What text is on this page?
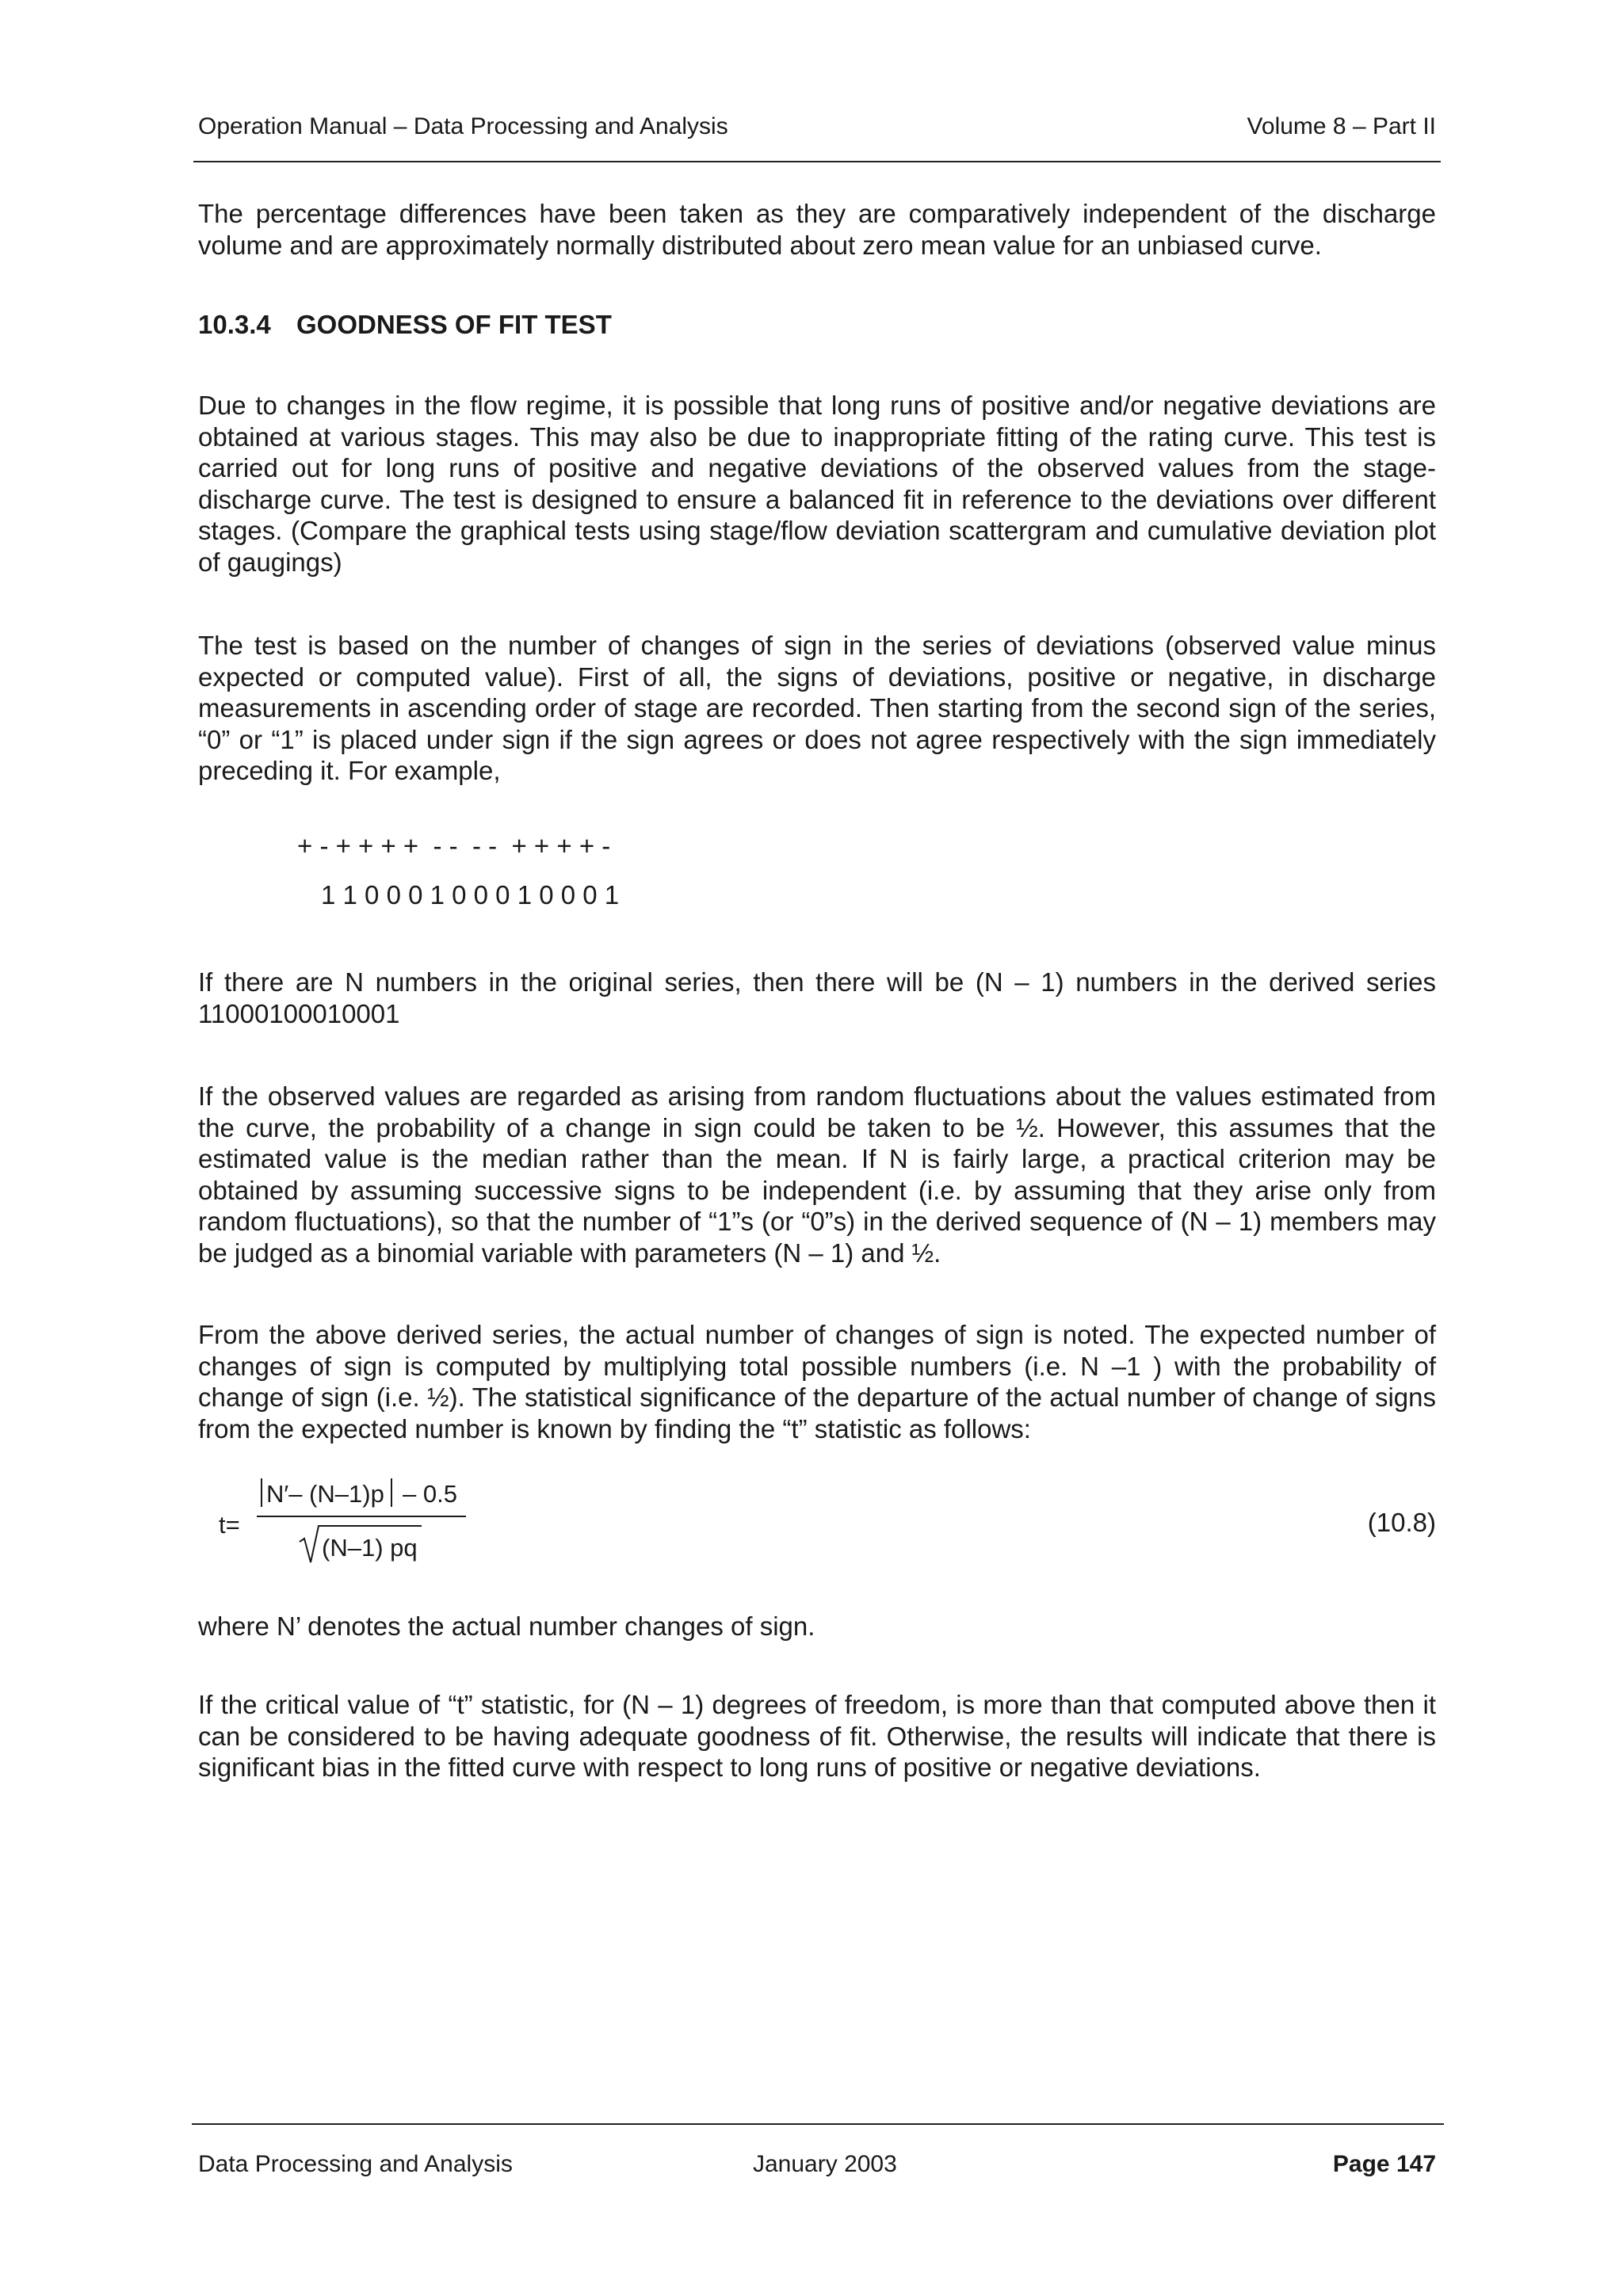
Operation Manual – Data Processing and Analysis	Volume 8 – Part II

The percentage differences have been taken as they are comparatively independent of the discharge volume and are approximately normally distributed about zero mean value for an unbiased curve.

10.3.4 GOODNESS OF FIT TEST

Due to changes in the flow regime, it is possible that long runs of positive and/or negative deviations are obtained at various stages. This may also be due to inappropriate fitting of the rating curve. This test is carried out for long runs of positive and negative deviations of the observed values from the stage-discharge curve. The test is designed to ensure a balanced fit in reference to the deviations over different stages. (Compare the graphical tests using stage/flow deviation scattergram and cumulative deviation plot of gaugings)

The test is based on the number of changes of sign in the series of deviations (observed value minus expected or computed value). First of all, the signs of deviations, positive or negative, in discharge measurements in ascending order of stage are recorded. Then starting from the second sign of the series, “0” or “1” is placed under sign if the sign agrees or does not agree respectively with the sign immediately preceding it. For example,

+ - + + + +  - -  - -  + + + + -
1 1 0 0 0 1 0 0 0 1 0 0 0 1

If there are N numbers in the original series, then there will be (N – 1) numbers in the derived series 11000100010001

If the observed values are regarded as arising from random fluctuations about the values estimated from the curve, the probability of a change in sign could be taken to be ½. However, this assumes that the estimated value is the median rather than the mean. If N is fairly large, a practical criterion may be obtained by assuming successive signs to be independent (i.e. by assuming that they arise only from random fluctuations), so that the number of “1”s (or “0”s) in the derived sequence of (N – 1) members may be judged as a binomial variable with parameters (N – 1) and ½.

From the above derived series, the actual number of changes of sign is noted. The expected number of changes of sign is computed by multiplying total possible numbers (i.e. N –1 ) with the probability of change of sign (i.e. ½). The statistical significance of the departure of the actual number of change of signs from the expected number is known by finding the “t” statistic as follows:

t=
N′– (N–1)p – 0.5
(N–1) pq
(10.8)

where N’ denotes the actual number changes of sign.

If the critical value of “t” statistic, for (N – 1) degrees of freedom, is more than that computed above then it can be considered to be having adequate goodness of fit. Otherwise, the results will indicate that there is significant bias in the fitted curve with respect to long runs of positive or negative deviations.

Data Processing and Analysis	January 2003	Page 147
